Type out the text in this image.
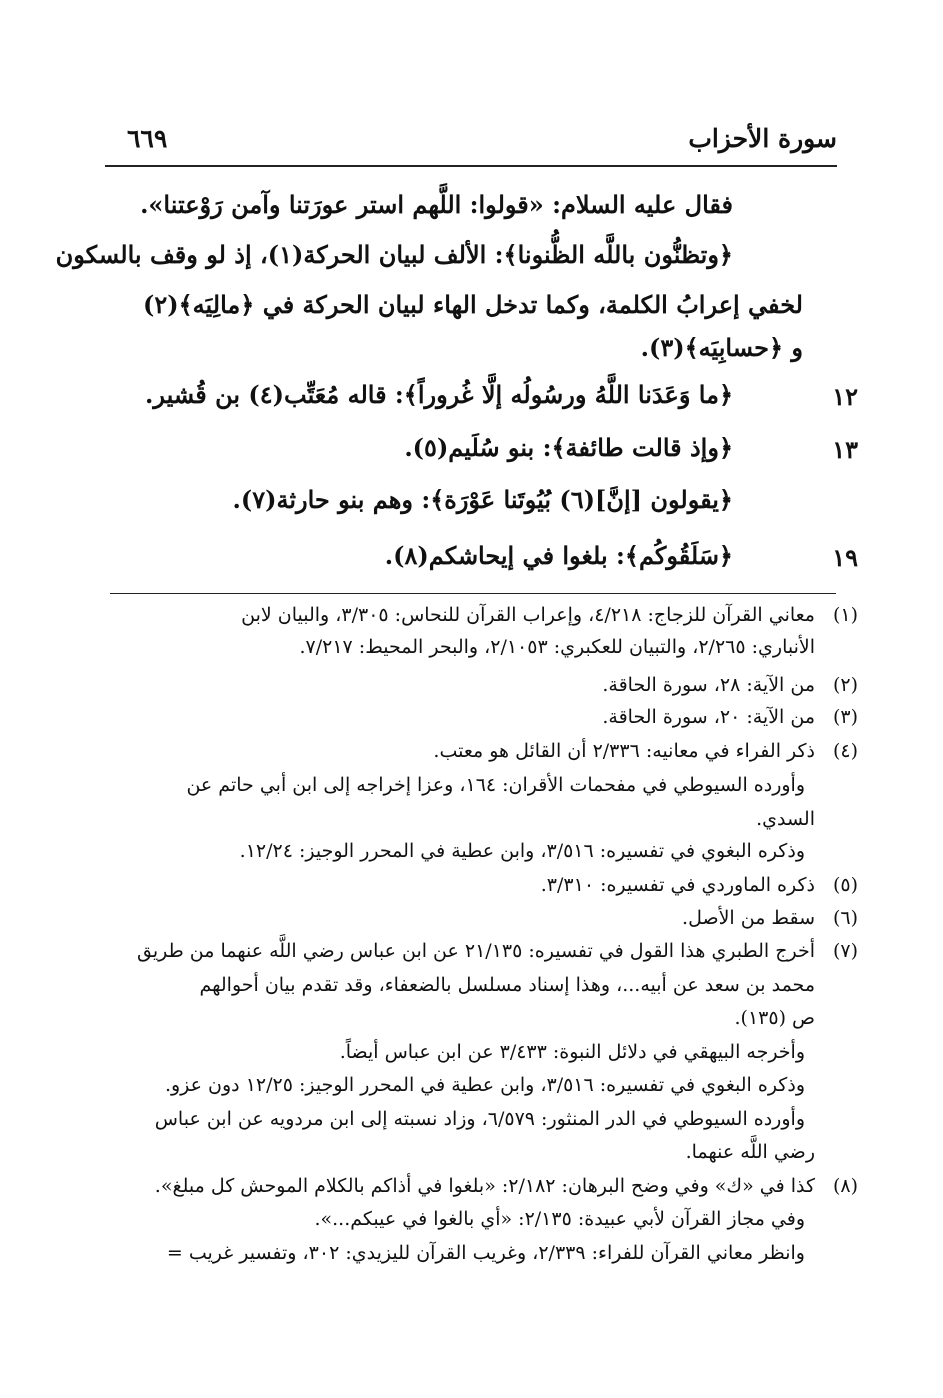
سورة الأحزاب
٦٦٩
فقال عليه السلام: «قولوا: اللَّهم استر عورَتنا وآمن رَوْعتنا».
﴿وتظنُّون باللَّه الظُّنونا﴾: الألف لبيان الحركة(١)، إذ لو وقف بالسكون
لخفي إعرابُ الكلمة، وكما تدخل الهاء لبيان الحركة في ﴿مالِيَه﴾(٢)
و ﴿حسابِيَه﴾(٣).
١٢
﴿ما وَعَدَنا اللَّهُ ورسُولُه إلَّا غُروراً﴾: قاله مُعَتِّب(٤) بن قُشير.
١٣
﴿وإذ قالت طائفة﴾: بنو سُلَيم(٥).
﴿يقولون [إنَّ](٦) بُيُوتَنا عَوْرَة﴾: وهم بنو حارثة(٧).
١٩
﴿سَلَقُوكُم﴾: بلغوا في إيحاشكم(٨).
(١)
معاني القرآن للزجاج: ٤/٢١٨، وإعراب القرآن للنحاس: ٣/٣٠٥، والبيان لابن
الأنباري: ٢/٢٦٥، والتبيان للعكبري: ٢/١٠٥٣، والبحر المحيط: ٧/٢١٧.
(٢)
من الآية: ٢٨، سورة الحاقة.
(٣)
من الآية: ٢٠، سورة الحاقة.
(٤)
ذكر الفراء في معانيه: ٢/٣٣٦ أن القائل هو معتب.
وأورده السيوطي في مفحمات الأقران: ١٦٤، وعزا إخراجه إلى ابن أبي حاتم عن
السدي.
وذكره البغوي في تفسيره: ٣/٥١٦، وابن عطية في المحرر الوجيز: ١٢/٢٤.
(٥)
ذكره الماوردي في تفسيره: ٣/٣١٠.
(٦)
سقط من الأصل.
(٧)
أخرج الطبري هذا القول في تفسيره: ٢١/١٣٥ عن ابن عباس رضي اللَّه عنهما من طريق
محمد بن سعد عن أبيه...، وهذا إسناد مسلسل بالضعفاء، وقد تقدم بيان أحوالهم
ص (١٣٥).
وأخرجه البيهقي في دلائل النبوة: ٣/٤٣٣ عن ابن عباس أيضاً.
وذكره البغوي في تفسيره: ٣/٥١٦، وابن عطية في المحرر الوجيز: ١٢/٢٥ دون عزو.
وأورده السيوطي في الدر المنثور: ٦/٥٧٩، وزاد نسبته إلى ابن مردويه عن ابن عباس
رضي اللَّه عنهما.
(٨)
كذا في «ك» وفي وضح البرهان: ٢/١٨٢: «بلغوا في أذاكم بالكلام الموحش كل مبلغ».
وفي مجاز القرآن لأبي عبيدة: ٢/١٣٥: «أي بالغوا في عيبكم...».
وانظر معاني القرآن للفراء: ٢/٣٣٩، وغريب القرآن لليزيدي: ٣٠٢، وتفسير غريب =
